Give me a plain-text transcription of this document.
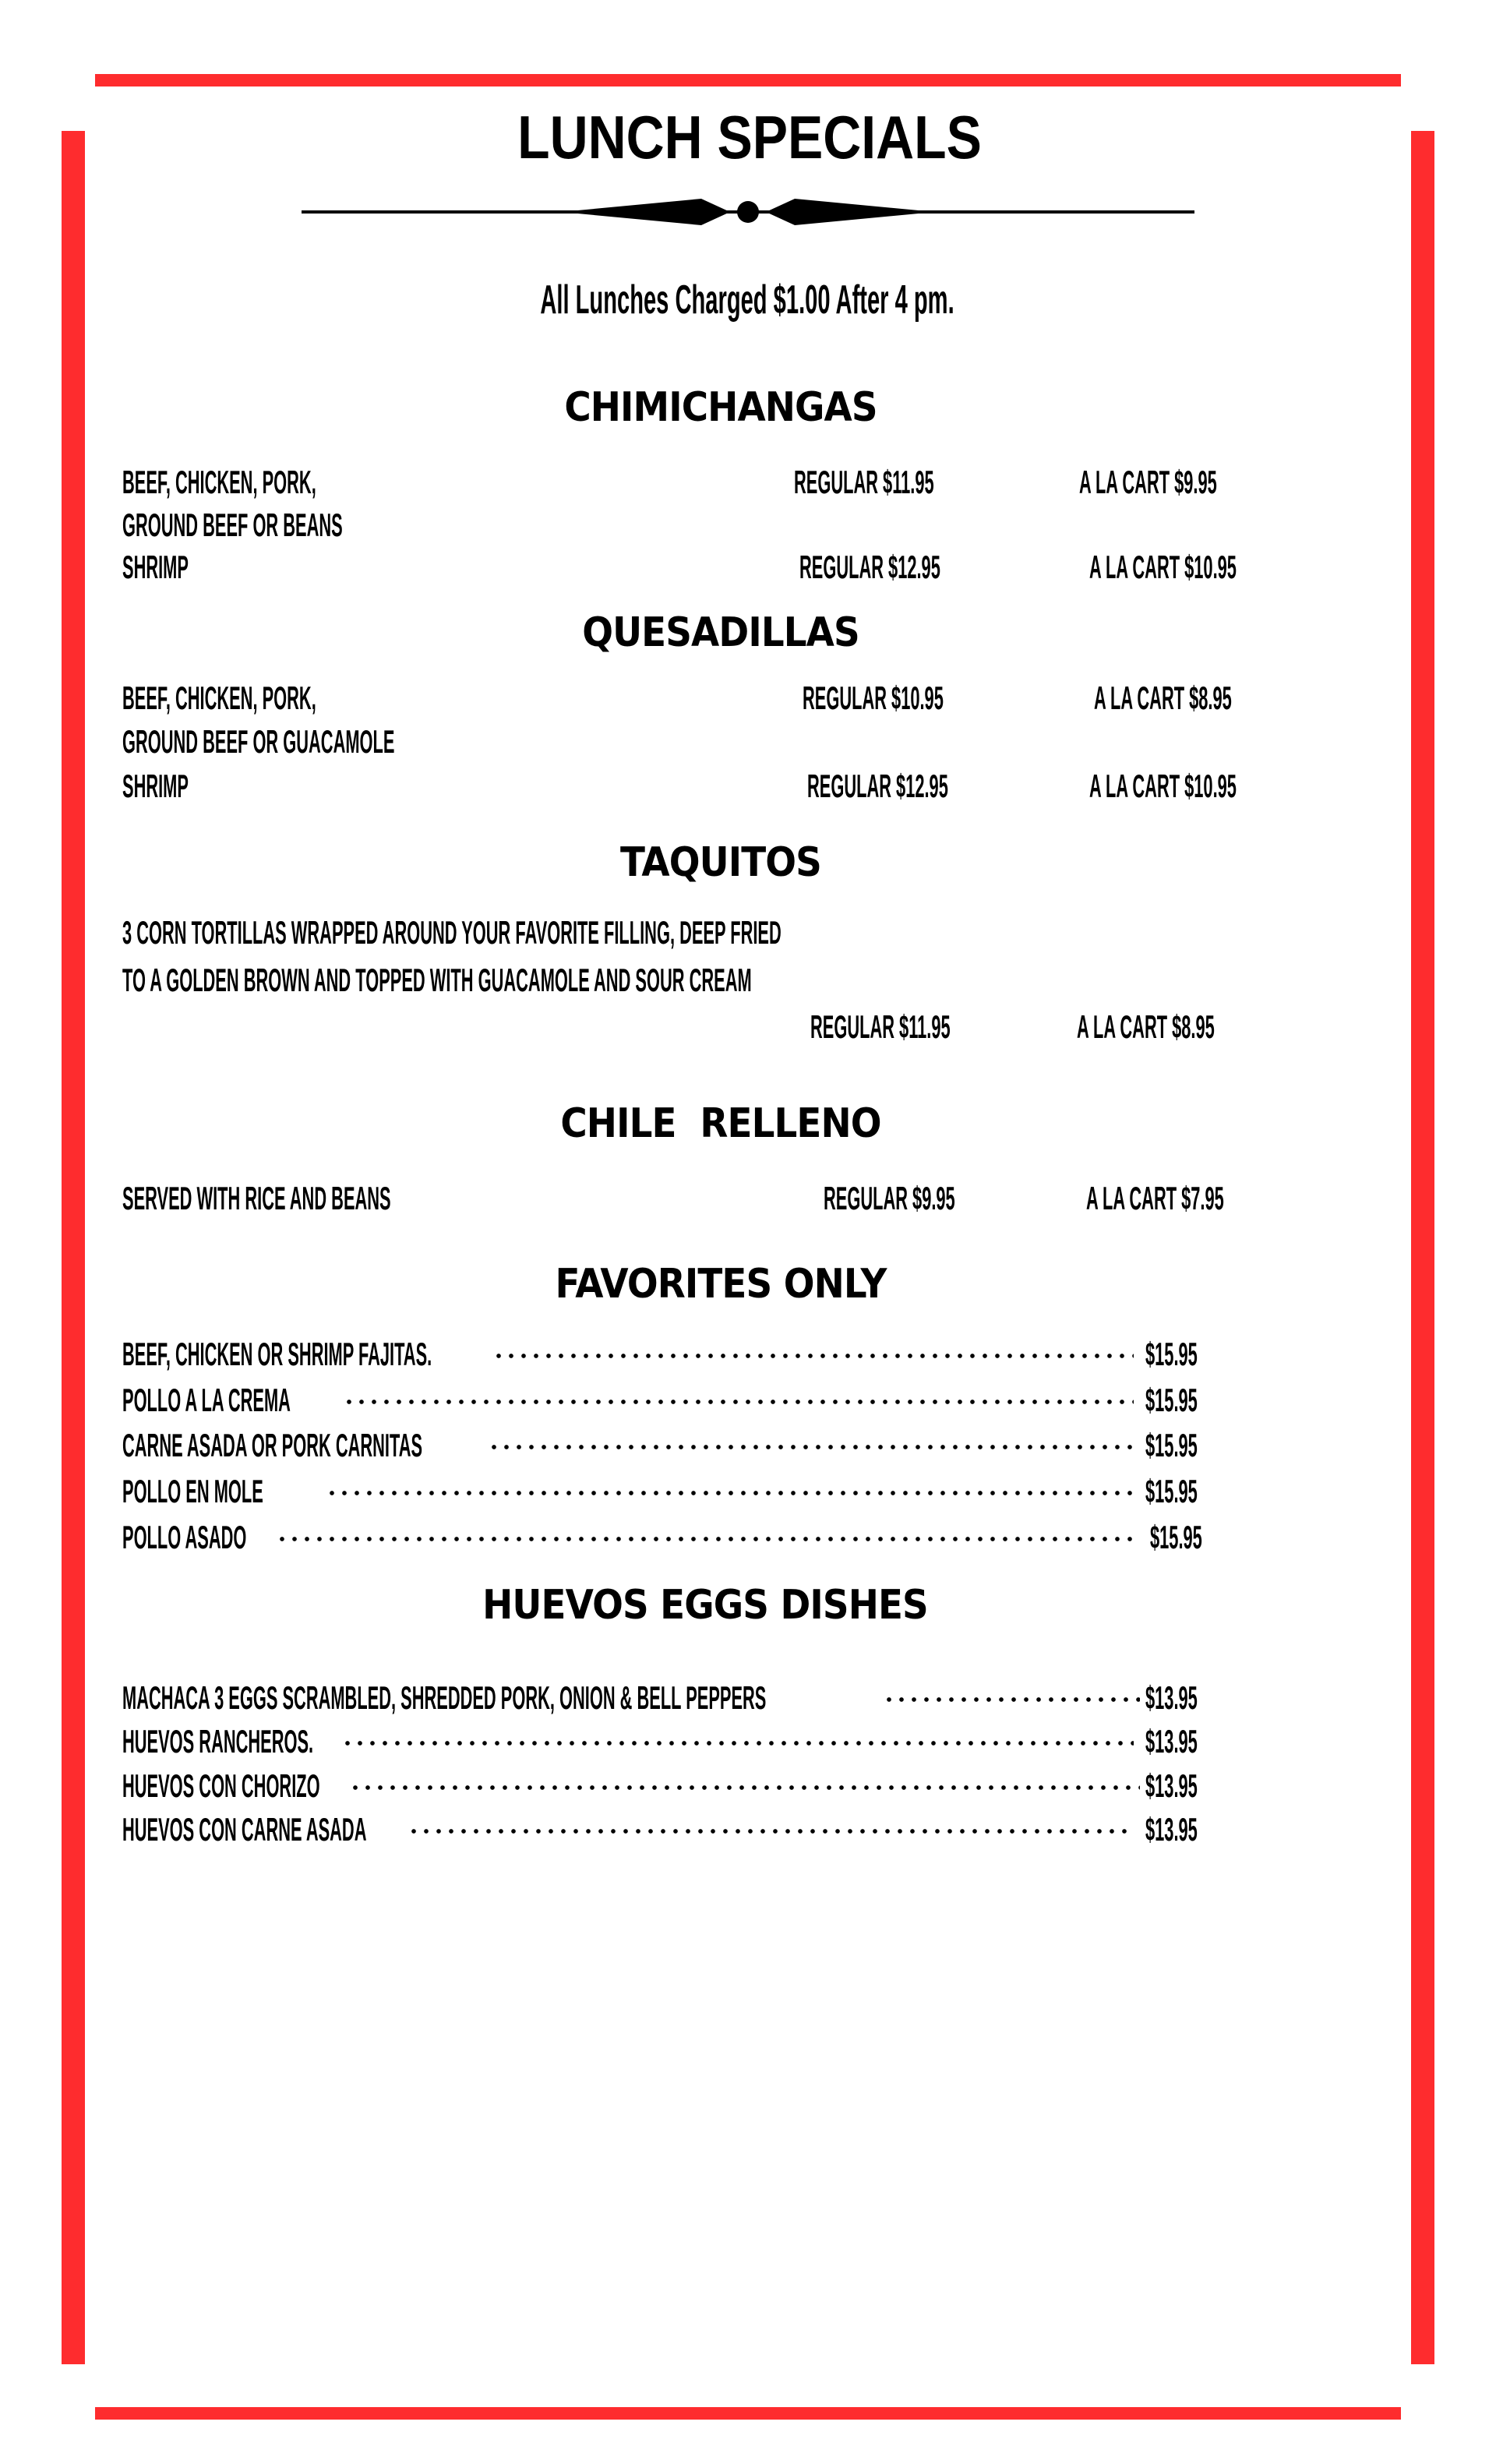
LUNCH SPECIALS
All Lunches Charged $1.00 After 4 pm.
CHIMICHANGAS
BEEF, CHICKEN, PORK,
GROUND BEEF OR BEANS
REGULAR $11.95	A LA CART $9.95
SHRIMP	REGULAR $12.95	A LA CART $10.95
QUESADILLAS
BEEF, CHICKEN, PORK,
GROUND BEEF OR GUACAMOLE
REGULAR $10.95	A LA CART $8.95
SHRIMP	REGULAR $12.95	A LA CART $10.95
TAQUITOS
3 CORN TORTILLAS WRAPPED AROUND YOUR FAVORITE FILLING, DEEP FRIED
TO A GOLDEN BROWN AND TOPPED WITH GUACAMOLE AND SOUR CREAM
REGULAR $11.95	A LA CART $8.95
CHILE  RELLENO
SERVED WITH RICE AND BEANS	REGULAR $9.95	A LA CART $7.95
FAVORITES ONLY
BEEF, CHICKEN OR SHRIMP FAJITAS.	$15.95
POLLO A LA CREMA	$15.95
CARNE ASADA OR PORK CARNITAS	$15.95
POLLO EN MOLE	$15.95
POLLO ASADO	$15.95
HUEVOS EGGS DISHES
MACHACA 3 EGGS SCRAMBLED, SHREDDED PORK, ONION & BELL PEPPERS	$13.95
HUEVOS RANCHEROS.	$13.95
HUEVOS CON CHORIZO	$13.95
HUEVOS CON CARNE ASADA	$13.95
